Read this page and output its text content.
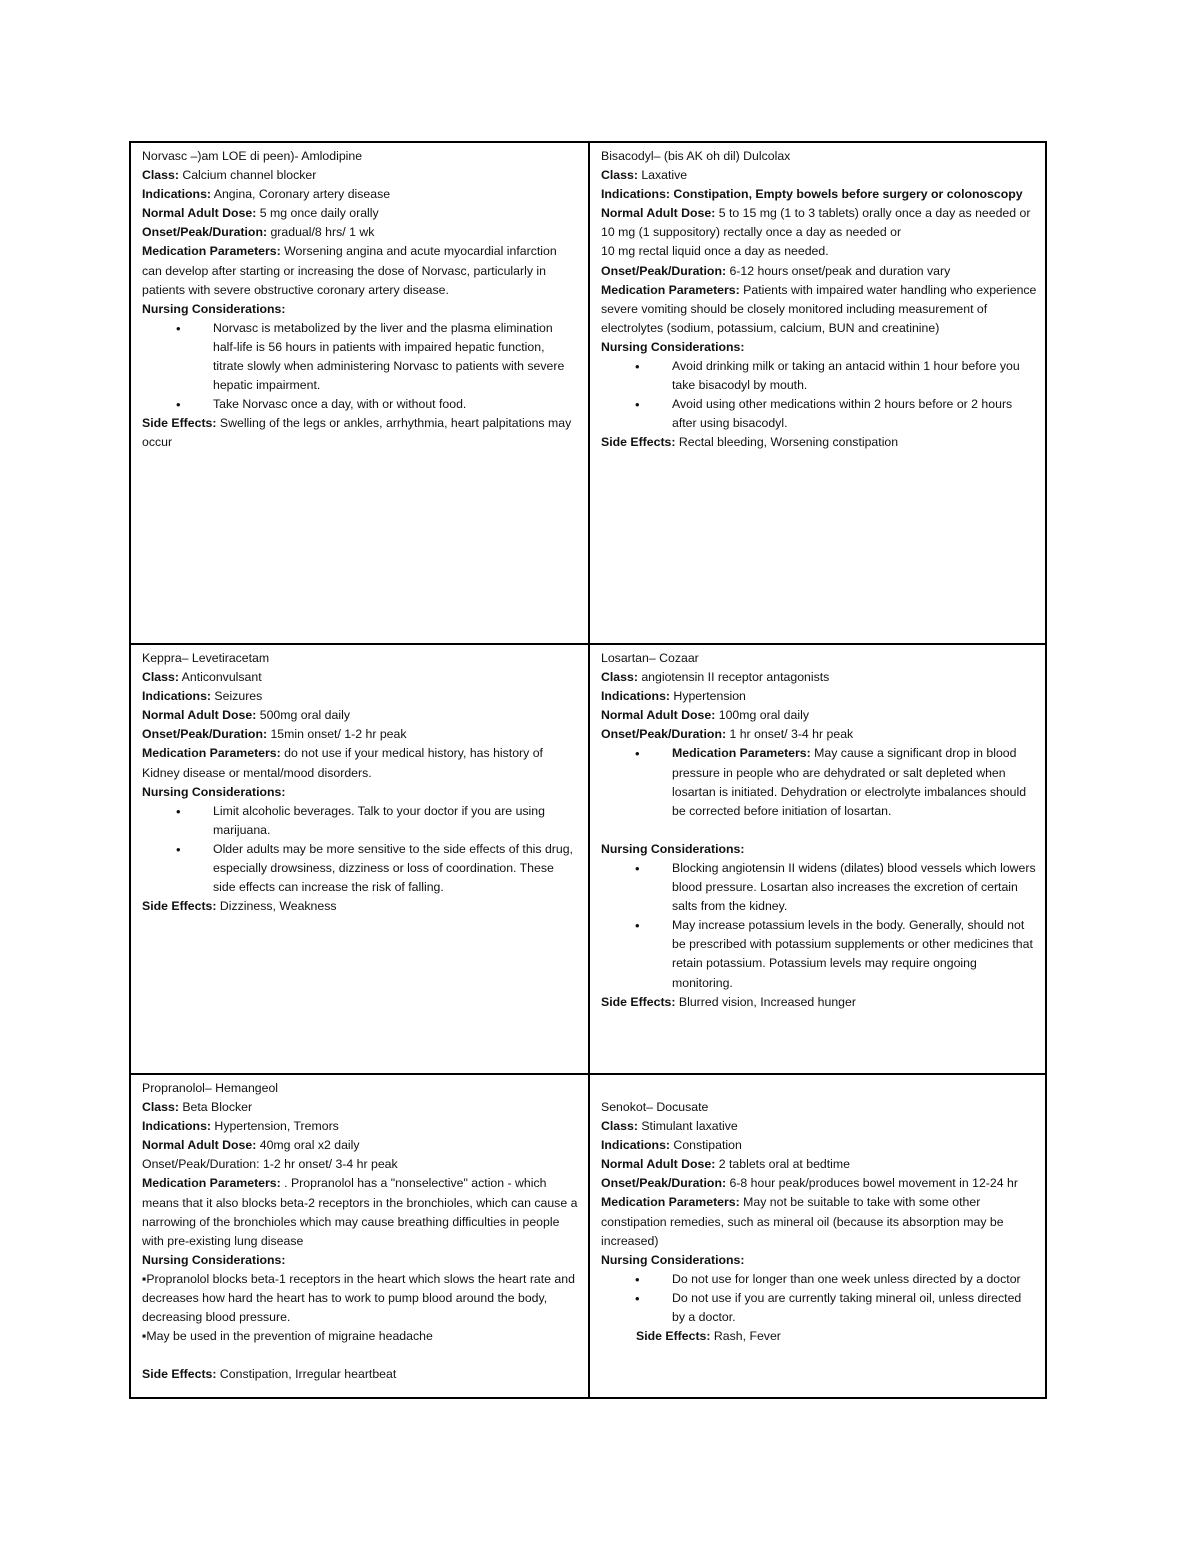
Norvasc –)am LOE di peen)- Amlodipine
Class: Calcium channel blocker
Indications: Angina, Coronary artery disease
Normal Adult Dose: 5 mg once daily orally
Onset/Peak/Duration: gradual/8 hrs/ 1 wk
Medication Parameters: Worsening angina and acute myocardial infarction can develop after starting or increasing the dose of Norvasc, particularly in patients with severe obstructive coronary artery disease.
Nursing Considerations:
• Norvasc is metabolized by the liver and the plasma elimination half-life is 56 hours in patients with impaired hepatic function, titrate slowly when administering Norvasc to patients with severe hepatic impairment.
• Take Norvasc once a day, with or without food.
Side Effects: Swelling of the legs or ankles, arrhythmia, heart palpitations may occur
Bisacodyl– (bis AK oh dil) Dulcolax
Class: Laxative
Indications: Constipation, Empty bowels before surgery or colonoscopy
Normal Adult Dose: 5 to 15 mg (1 to 3 tablets) orally once a day as needed or
10 mg (1 suppository) rectally once a day as needed or
10 mg rectal liquid once a day as needed.
Onset/Peak/Duration: 6-12 hours onset/peak and duration vary
Medication Parameters: Patients with impaired water handling who experience severe vomiting should be closely monitored including measurement of electrolytes (sodium, potassium, calcium, BUN and creatinine)
Nursing Considerations:
• Avoid drinking milk or taking an antacid within 1 hour before you take bisacodyl by mouth.
• Avoid using other medications within 2 hours before or 2 hours after using bisacodyl.
Side Effects: Rectal bleeding, Worsening constipation
Keppra– Levetiracetam
Class: Anticonvulsant
Indications: Seizures
Normal Adult Dose: 500mg oral daily
Onset/Peak/Duration: 15min onset/ 1-2 hr peak
Medication Parameters: do not use if your medical history, has history of Kidney disease or mental/mood disorders.
Nursing Considerations:
• Limit alcoholic beverages. Talk to your doctor if you are using marijuana.
• Older adults may be more sensitive to the side effects of this drug, especially drowsiness, dizziness or loss of coordination. These side effects can increase the risk of falling.
Side Effects: Dizziness, Weakness
Losartan– Cozaar
Class: angiotensin II receptor antagonists
Indications: Hypertension
Normal Adult Dose: 100mg oral daily
Onset/Peak/Duration: 1 hr onset/ 3-4 hr peak
• Medication Parameters: May cause a significant drop in blood pressure in people who are dehydrated or salt depleted when losartan is initiated. Dehydration or electrolyte imbalances should be corrected before initiation of losartan.
Nursing Considerations:
• Blocking angiotensin II widens (dilates) blood vessels which lowers blood pressure. Losartan also increases the excretion of certain salts from the kidney.
• May increase potassium levels in the body. Generally, should not be prescribed with potassium supplements or other medicines that retain potassium. Potassium levels may require ongoing monitoring.
Side Effects: Blurred vision, Increased hunger
Propranolol– Hemangeol
Class: Beta Blocker
Indications: Hypertension, Tremors
Normal Adult Dose: 40mg oral x2 daily
Onset/Peak/Duration: 1-2 hr onset/ 3-4 hr peak
Medication Parameters: . Propranolol has a "nonselective" action - which means that it also blocks beta-2 receptors in the bronchioles, which can cause a narrowing of the bronchioles which may cause breathing difficulties in people with pre-existing lung disease
Nursing Considerations:
▪Propranolol blocks beta-1 receptors in the heart which slows the heart rate and decreases how hard the heart has to work to pump blood around the body, decreasing blood pressure.
▪May be used in the prevention of migraine headache
Side Effects: Constipation, Irregular heartbeat
Senokot– Docusate
Class: Stimulant laxative
Indications: Constipation
Normal Adult Dose: 2 tablets oral at bedtime
Onset/Peak/Duration: 6-8 hour peak/produces bowel movement in 12-24 hr
Medication Parameters: May not be suitable to take with some other constipation remedies, such as mineral oil (because its absorption may be increased)
Nursing Considerations:
• Do not use for longer than one week unless directed by a doctor
• Do not use if you are currently taking mineral oil, unless directed by a doctor.
Side Effects: Rash, Fever
